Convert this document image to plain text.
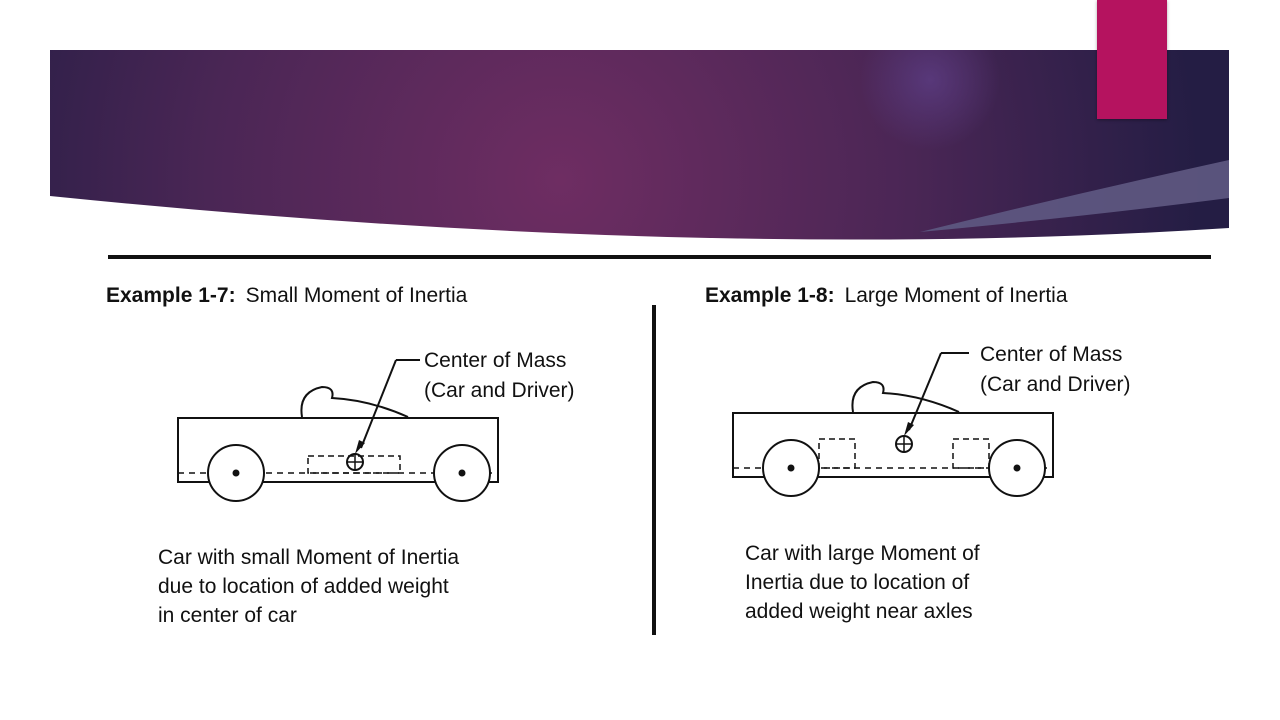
Example 1-7: Small Moment of Inertia
Center of Mass
(Car and Driver)
Car with small Moment of Inertia
due to location of added weight
in center of car
Example 1-8: Large Moment of Inertia
Center of Mass
(Car and Driver)
Car with large Moment of
Inertia due to location of
added weight near axles
